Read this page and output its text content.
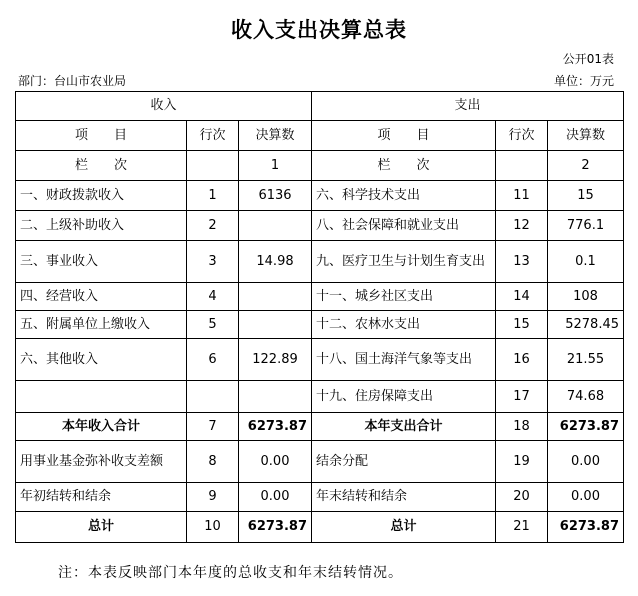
收入支出决算总表
公开01表
部门：台山市农业局	单位：万元
收入			支出		
项　　目	行次	决算数	项　　目	行次	决算数
栏　　次		1	栏　　次		2
一、财政拨款收入	1	6136	六、科学技术支出	11	15
二、上级补助收入	2		八、社会保障和就业支出	12	776.1
三、事业收入	3	14.98	九、医疗卫生与计划生育支出	13	0.1
四、经营收入	4		十一、城乡社区支出	14	108
五、附属单位上缴收入	5		十二、农林水支出	15	5278.45
六、其他收入	6	122.89	十八、国土海洋气象等支出	16	21.55
			十九、住房保障支出	17	74.68
本年收入合计	7	6273.87	本年支出合计	18	6273.87
用事业基金弥补收支差额	8	0.00	结余分配	19	0.00
年初结转和结余	9	0.00	年末结转和结余	20	0.00
总计	10	6273.87	总计	21	6273.87
注：本表反映部门本年度的总收支和年末结转情况。
